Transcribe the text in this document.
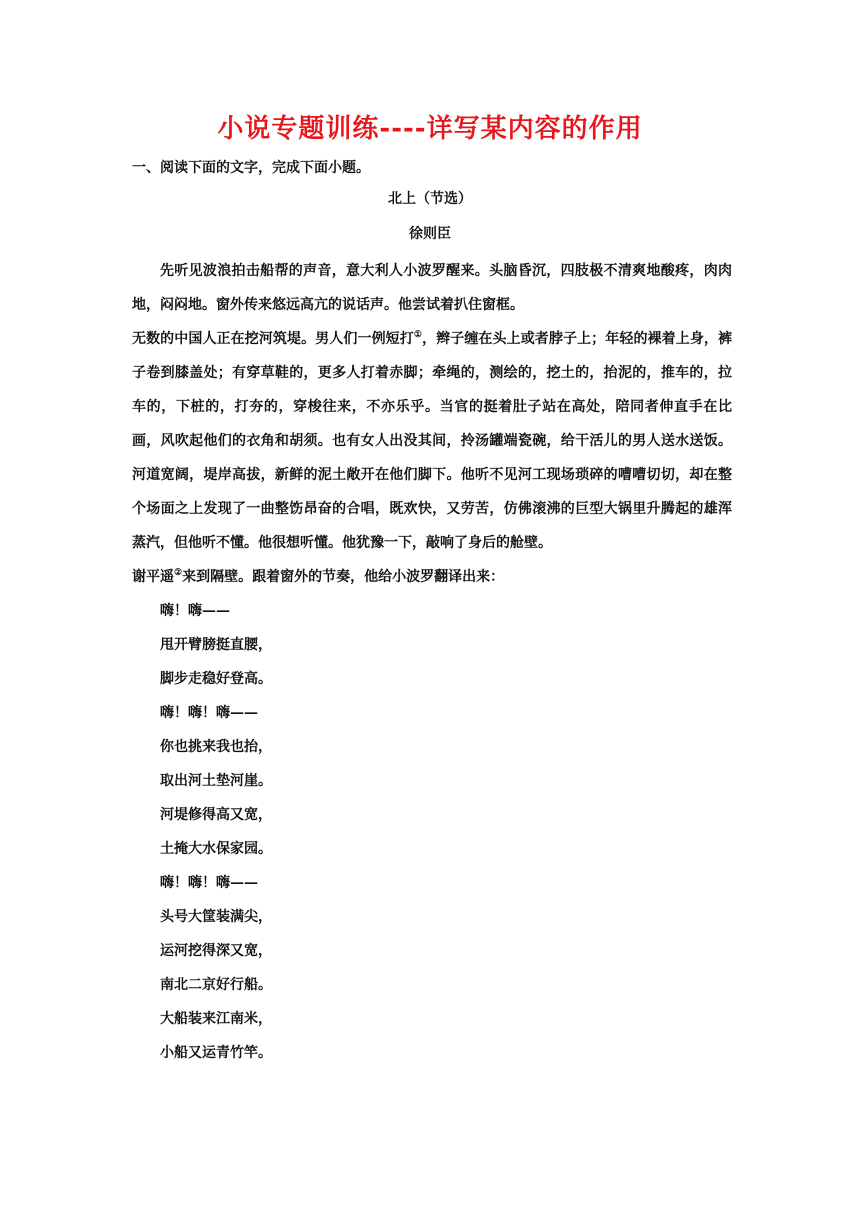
小说专题训练----详写某内容的作用
一、阅读下面的文字，完成下面小题。
北上（节选）
徐则臣

先听见波浪拍击船帮的声音，意大利人小波罗醒来。头脑昏沉，四肢极不清爽地酸疼，肉肉地，闷闷地。窗外传来悠远高亢的说话声。他尝试着扒住窗框。

无数的中国人正在挖河筑堤。男人们一例短打①，辫子缠在头上或者脖子上；年轻的裸着上身，裤子卷到膝盖处；有穿草鞋的，更多人打着赤脚；牵绳的，测绘的，挖土的，抬泥的，推车的，拉车的，下桩的，打夯的，穿梭往来，不亦乐乎。当官的挺着肚子站在高处，陪同者伸直手在比画，风吹起他们的衣角和胡须。也有女人出没其间，拎汤罐端瓷碗，给干活儿的男人送水送饭。河道宽阔，堤岸高拔，新鲜的泥土敞开在他们脚下。他听不见河工现场琐碎的嘈嘈切切，却在整个场面之上发现了一曲整饬昂奋的合唱，既欢快，又劳苦，仿佛滚沸的巨型大锅里升腾起的雄浑蒸汽，但他听不懂。他很想听懂。他犹豫一下，敲响了身后的舱壁。

谢平遥②来到隔壁。跟着窗外的节奏，他给小波罗翻译出来：

嗨！嗨——
甩开臂膀挺直腰，
脚步走稳好登高。
嗨！嗨！嗨——
你也挑来我也抬，
取出河土垫河崖。
河堤修得高又宽，
土掩大水保家园。
嗨！嗨！嗨——
头号大筐装满尖，
运河挖得深又宽，
南北二京好行船。
大船装来江南米，
小船又运青竹竿。
